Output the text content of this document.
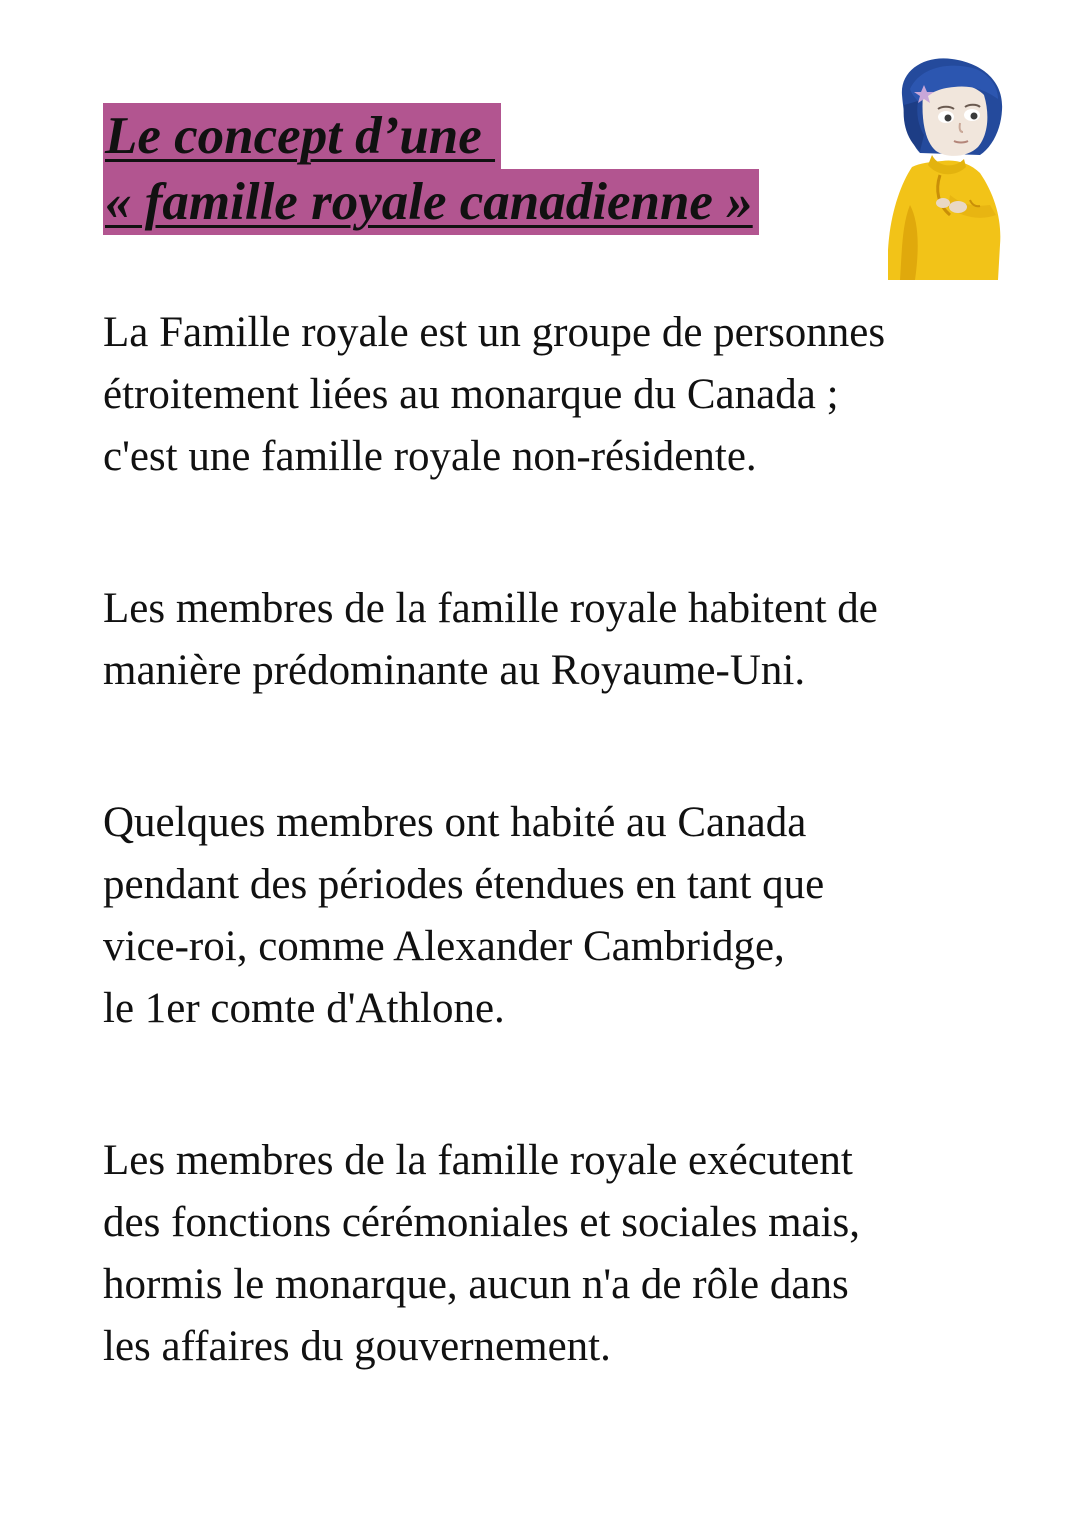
Le concept d’une
« famille royale canadienne »
La Famille royale est un groupe de personnes
étroitement liées au monarque du Canada ;
c'est une famille royale non-résidente.
Les membres de la famille royale habitent de
manière prédominante au Royaume-Uni.
Quelques membres ont habité au Canada
pendant des périodes étendues en tant que
vice-roi, comme Alexander Cambridge,
le 1er comte d'Athlone.
Les membres de la famille royale exécutent
des fonctions cérémoniales et sociales mais,
hormis le monarque, aucun n'a de rôle dans
les affaires du gouvernement.
